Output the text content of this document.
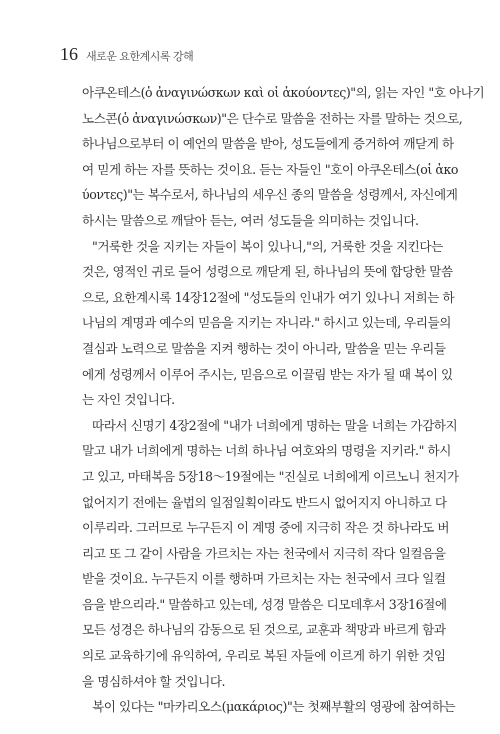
16 새로운 요한계시록 강해
아쿠온테스(ὁ ἀναγινώσκων καὶ οἱ ἀκούοντες)"의, 읽는 자인 "호 아나기
노스콘(ὁ ἀναγινώσκων)"은 단수로 말씀을 전하는 자를 말하는 것으로,
하나님으로부터 이 예언의 말씀을 받아, 성도들에게 증거하여 깨닫게 하
여 믿게 하는 자를 뜻하는 것이요. 듣는 자들인 "호이 아쿠온테스(οἱ ἀκο
ύοντες)"는 복수로서, 하나님의 세우신 종의 말씀을 성령께서, 자신에게
하시는 말씀으로 깨달아 듣는, 여러 성도들을 의미하는 것입니다.
"거룩한 것을 지키는 자들이 복이 있나니,"의, 거룩한 것을 지킨다는
것은, 영적인 귀로 들어 성령으로 깨닫게 된, 하나님의 뜻에 합당한 말씀
으로, 요한계시록 14장12절에 "성도들의 인내가 여기 있나니 저희는 하
나님의 계명과 예수의 믿음을 지키는 자니라." 하시고 있는데, 우리들의
결심과 노력으로 말씀을 지켜 행하는 것이 아니라, 말씀을 믿는 우리들
에게 성령께서 이루어 주시는, 믿음으로 이끌림 받는 자가 될 때 복이 있
는 자인 것입니다.
따라서 신명기 4장2절에 "내가 너희에게 명하는 말을 너희는 가감하지
말고 내가 너희에게 명하는 너희 하나님 여호와의 명령을 지키라." 하시
고 있고, 마태복음 5장18～19절에는 "진실로 너희에게 이르노니 천지가
없어지기 전에는 율법의 일점일획이라도 반드시 없어지지 아니하고 다
이루리라. 그러므로 누구든지 이 계명 중에 지극히 작은 것 하나라도 버
리고 또 그 같이 사람을 가르치는 자는 천국에서 지극히 작다 일컬음을
받을 것이요. 누구든지 이를 행하며 가르치는 자는 천국에서 크다 일컬
음을 받으리라." 말씀하고 있는데, 성경 말씀은 디모데후서 3장16절에
모든 성경은 하나님의 감동으로 된 것으로, 교훈과 책망과 바르게 함과
의로 교육하기에 유익하여, 우리로 복된 자들에 이르게 하기 위한 것임
을 명심하셔야 할 것입니다.
복이 있다는 "마카리오스(μακάριος)"는 첫째부활의 영광에 참여하는
